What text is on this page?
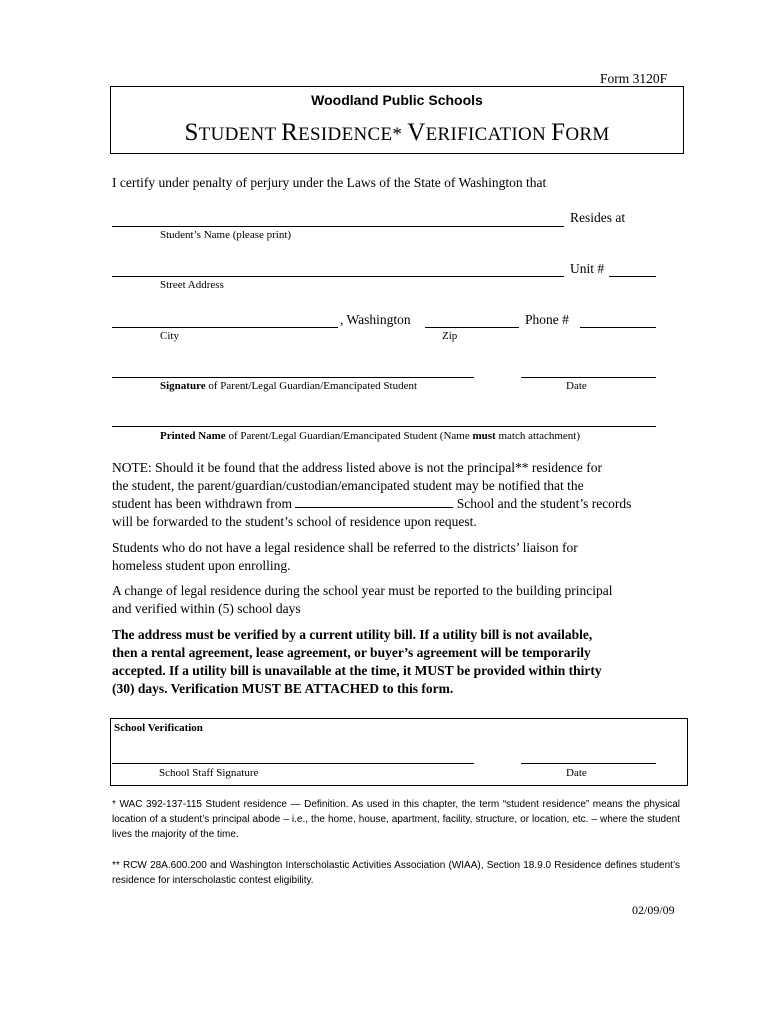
Form 3120F
Woodland Public Schools
STUDENT RESIDENCE* VERIFICATION FORM
I certify under penalty of perjury under the Laws of the State of Washington that
Resides at
Student’s Name (please print)
Unit #
Street Address
, Washington	Phone #
City	Zip
Signature of Parent/Legal Guardian/Emancipated Student	Date
Printed Name of Parent/Legal Guardian/Emancipated Student (Name must match attachment)
NOTE: Should it be found that the address listed above is not the principal** residence for
the student, the parent/guardian/custodian/emancipated student may be notified that the
student has been withdrawn from	School and the student’s records
will be forwarded to the student’s school of residence upon request.
Students who do not have a legal residence shall be referred to the districts’ liaison for
homeless student upon enrolling.
A change of legal residence during the school year must be reported to the building principal
and verified within (5) school days
The address must be verified by a current utility bill. If a utility bill is not available,
then a rental agreement, lease agreement, or buyer’s agreement will be temporarily
accepted. If a utility bill is unavailable at the time, it MUST be provided within thirty
(30) days. Verification MUST BE ATTACHED to this form.
School Verification
School Staff Signature	Date
* WAC 392-137-115 Student residence — Definition. As used in this chapter, the term “student residence” means the physical location of a student’s principal abode – i.e., the home, house, apartment, facility, structure, or location, etc. – where the student lives the majority of the time.
** RCW 28A.600.200 and Washington Interscholastic Activities Association (WIAA), Section 18.9.0 Residence defines student’s residence for interscholastic contest eligibility.
02/09/09
